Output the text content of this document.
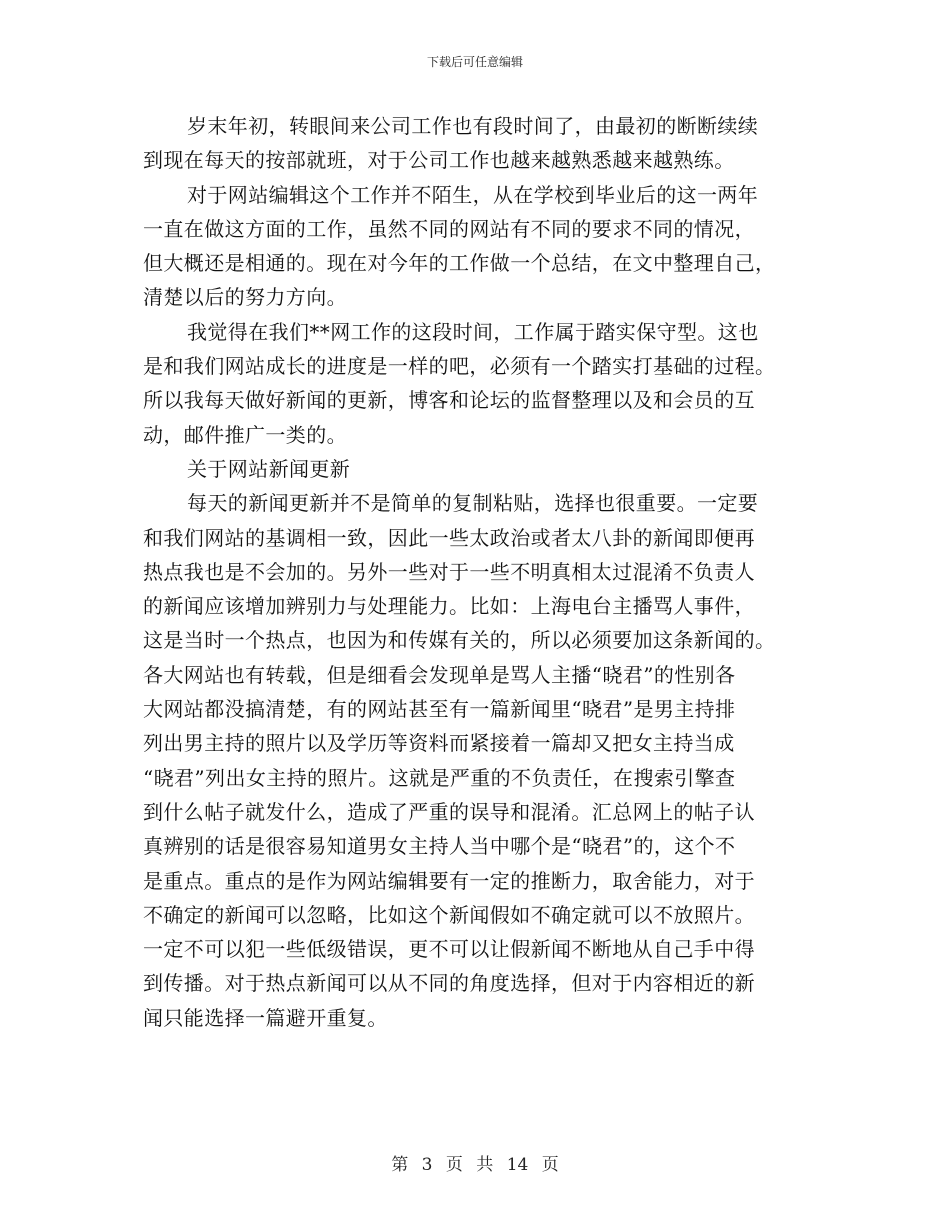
下载后可任意编辑
岁末年初，转眼间来公司工作也有段时间了，由最初的断断续续
到现在每天的按部就班，对于公司工作也越来越熟悉越来越熟练。
对于网站编辑这个工作并不陌生，从在学校到毕业后的这一两年
一直在做这方面的工作，虽然不同的网站有不同的要求不同的情况，
但大概还是相通的。现在对今年的工作做一个总结，在文中整理自己，
清楚以后的努力方向。
我觉得在我们**网工作的这段时间，工作属于踏实保守型。这也
是和我们网站成长的进度是一样的吧，必须有一个踏实打基础的过程。
所以我每天做好新闻的更新，博客和论坛的监督整理以及和会员的互
动，邮件推广一类的。
关于网站新闻更新
每天的新闻更新并不是简单的复制粘贴，选择也很重要。一定要
和我们网站的基调相一致，因此一些太政治或者太八卦的新闻即便再
热点我也是不会加的。另外一些对于一些不明真相太过混淆不负责人
的新闻应该增加辨别力与处理能力。比如：上海电台主播骂人事件，
这是当时一个热点，也因为和传媒有关的，所以必须要加这条新闻的。
各大网站也有转载，但是细看会发现单是骂人主播“晓君”的性别各
大网站都没搞清楚，有的网站甚至有一篇新闻里“晓君”是男主持排
列出男主持的照片以及学历等资料而紧接着一篇却又把女主持当成
“晓君”列出女主持的照片。这就是严重的不负责任，在搜索引擎查
到什么帖子就发什么，造成了严重的误导和混淆。汇总网上的帖子认
真辨别的话是很容易知道男女主持人当中哪个是“晓君”的，这个不
是重点。重点的是作为网站编辑要有一定的推断力，取舍能力，对于
不确定的新闻可以忽略，比如这个新闻假如不确定就可以不放照片。
一定不可以犯一些低级错误，更不可以让假新闻不断地从自己手中得
到传播。对于热点新闻可以从不同的角度选择，但对于内容相近的新
闻只能选择一篇避开重复。
第 3 页 共 14 页
